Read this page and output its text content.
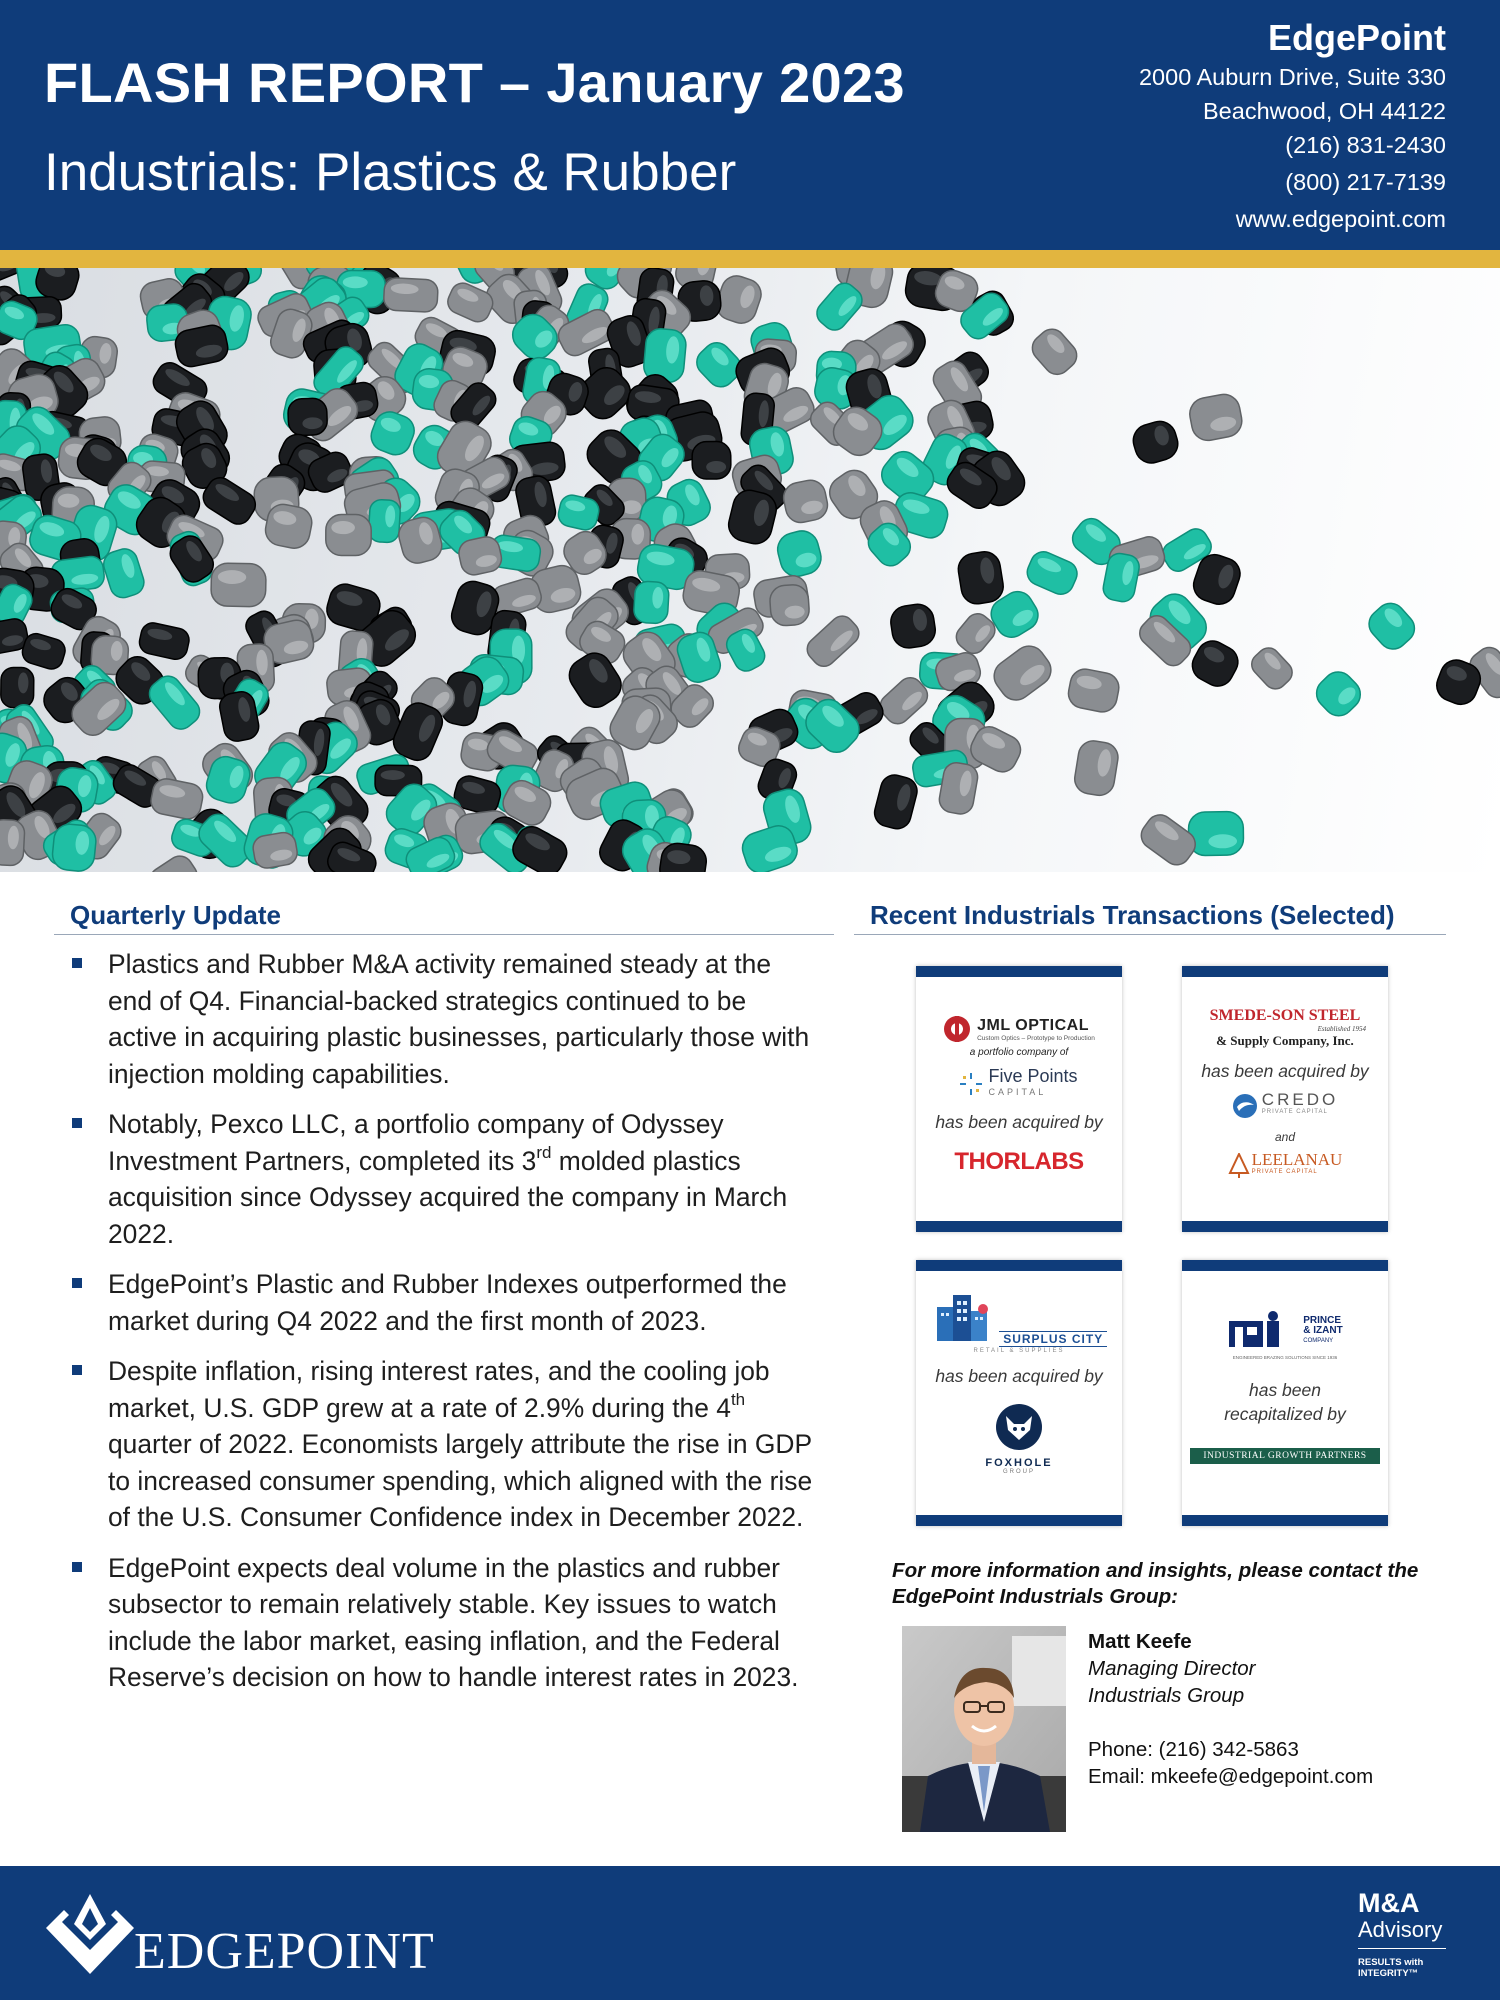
FLASH REPORT – January 2023
Industrials: Plastics & Rubber
EdgePoint
2000 Auburn Drive, Suite 330
Beachwood, OH 44122
(216) 831-2430
(800) 217-7139
www.edgepoint.com
Quarterly Update
Plastics and Rubber M&A activity remained steady at the end of Q4. Financial-backed strategics continued to be active in acquiring plastic businesses, particularly those with injection molding capabilities.
Notably, Pexco LLC, a portfolio company of Odyssey Investment Partners, completed its 3rd molded plastics acquisition since Odyssey acquired the company in March 2022.
EdgePoint’s Plastic and Rubber Indexes outperformed the market during Q4 2022 and the first month of 2023.
Despite inflation, rising interest rates, and the cooling job market, U.S. GDP grew at a rate of 2.9% during the 4th quarter of 2022. Economists largely attribute the rise in GDP to increased consumer spending, which aligned with the rise of the U.S. Consumer Confidence index in December 2022.
EdgePoint expects deal volume in the plastics and rubber subsector to remain relatively stable. Key issues to watch include the labor market, easing inflation, and the Federal Reserve’s decision on how to handle interest rates in 2023.
Recent Industrials Transactions (Selected)
JML OPTICAL
Custom Optics – Prototype to Production
a portfolio company of
Five Points
CAPITAL
has been acquired by
THORLABS
SMEDE-SON STEEL
Established 1954
& Supply Company, Inc.
has been acquired by
CREDO
PRIVATE CAPITAL
and
LEELANAU
PRIVATE CAPITAL
SURPLUS CITY
RETAIL & SUPPLIES
has been acquired by
FOXHOLE
GROUP
PRINCE
& IZANT
COMPANY
ENGINEERED BRAZING SOLUTIONS SINCE 1936
has been
recapitalized by
INDUSTRIAL GROWTH PARTNERS
For more information and insights, please contact the EdgePoint Industrials Group:
Matt Keefe
Managing Director
Industrials Group
Phone: (216) 342-5863
Email: mkeefe@edgepoint.com
EDGEPOINT
M&A
Advisory
RESULTS with
INTEGRITY™
